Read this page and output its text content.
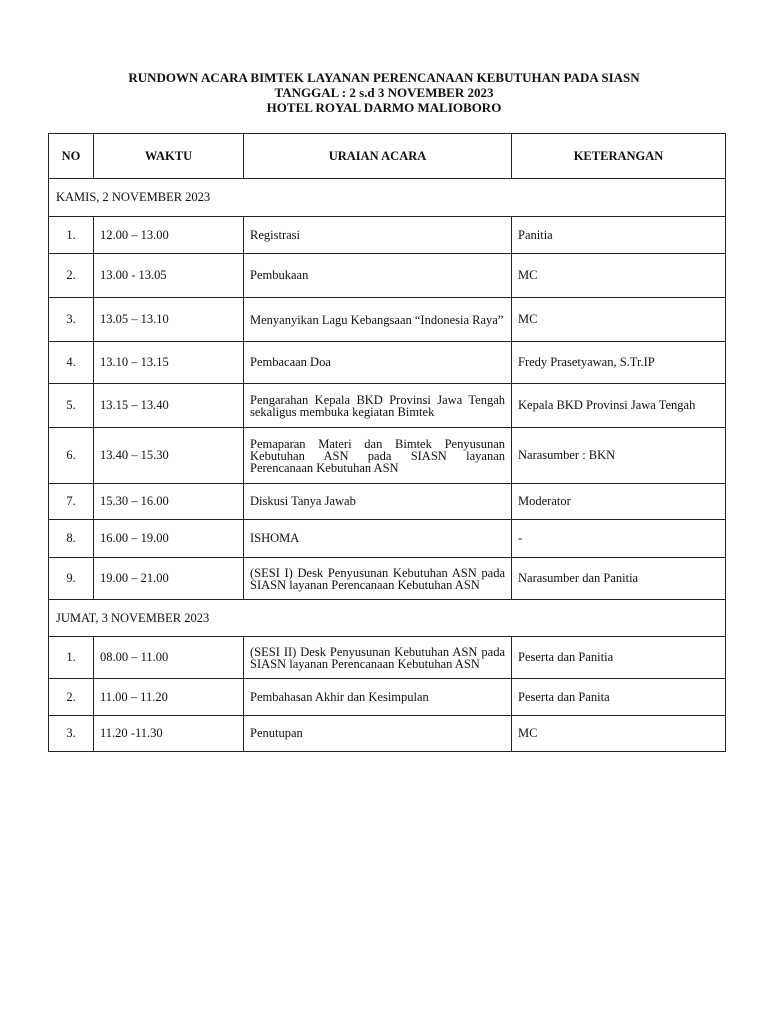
RUNDOWN ACARA BIMTEK LAYANAN PERENCANAAN KEBUTUHAN PADA SIASN
TANGGAL : 2 s.d 3 NOVEMBER 2023
HOTEL ROYAL DARMO MALIOBORO
NO	WAKTU	URAIAN ACARA	KETERANGAN
KAMIS, 2 NOVEMBER 2023			
1.	12.00 – 13.00	Registrasi	Panitia
2.	13.00 - 13.05	Pembukaan	MC
3.	13.05 – 13.10	Menyanyikan Lagu Kebangsaan “Indonesia Raya”	MC
4.	13.10 – 13.15	Pembacaan Doa	Fredy Prasetyawan, S.Tr.IP
5.	13.15 – 13.40	Pengarahan Kepala BKD Provinsi Jawa Tengah sekaligus membuka kegiatan Bimtek	Kepala BKD Provinsi Jawa Tengah
6.	13.40 – 15.30	Pemaparan Materi dan Bimtek Penyusunan Kebutuhan ASN pada SIASN layanan Perencanaan Kebutuhan ASN	Narasumber : BKN
7.	15.30 – 16.00	Diskusi Tanya Jawab	Moderator
8.	16.00 – 19.00	ISHOMA	-
9.	19.00 – 21.00	(SESI I) Desk Penyusunan Kebutuhan ASN pada SIASN layanan Perencanaan Kebutuhan ASN	Narasumber dan Panitia
JUMAT, 3 NOVEMBER 2023			
1.	08.00 – 11.00	(SESI II) Desk Penyusunan Kebutuhan ASN pada SIASN layanan Perencanaan Kebutuhan ASN	Peserta dan Panitia
2.	11.00 – 11.20	Pembahasan Akhir dan Kesimpulan	Peserta dan Panita
3.	11.20 -11.30	Penutupan	MC
